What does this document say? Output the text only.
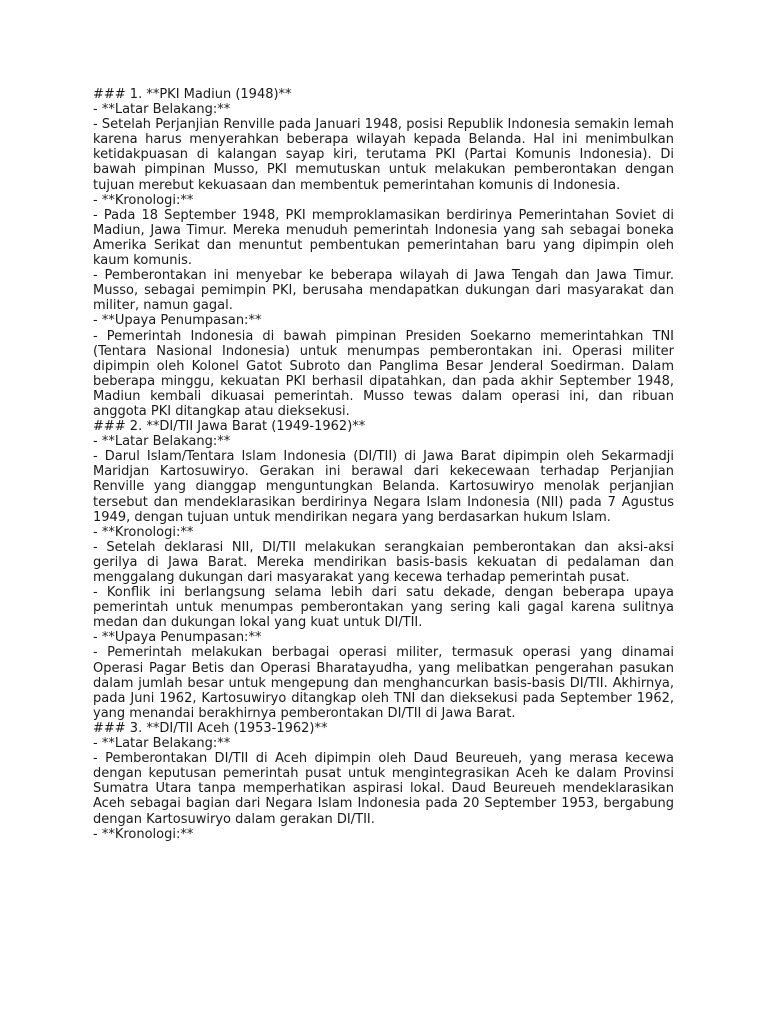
### 1. **PKI Madiun (1948)**
- **Latar Belakang:**
- Setelah Perjanjian Renville pada Januari 1948, posisi Republik Indonesia semakin lemah karena harus menyerahkan beberapa wilayah kepada Belanda. Hal ini menimbulkan ketidakpuasan di kalangan sayap kiri, terutama PKI (Partai Komunis Indonesia). Di bawah pimpinan Musso, PKI memutuskan untuk melakukan pemberontakan dengan tujuan merebut kekuasaan dan membentuk pemerintahan komunis di Indonesia.
- **Kronologi:**
- Pada 18 September 1948, PKI memproklamasikan berdirinya Pemerintahan Soviet di Madiun, Jawa Timur. Mereka menuduh pemerintah Indonesia yang sah sebagai boneka Amerika Serikat dan menuntut pembentukan pemerintahan baru yang dipimpin oleh kaum komunis.
- Pemberontakan ini menyebar ke beberapa wilayah di Jawa Tengah dan Jawa Timur. Musso, sebagai pemimpin PKI, berusaha mendapatkan dukungan dari masyarakat dan militer, namun gagal.
- **Upaya Penumpasan:**
- Pemerintah Indonesia di bawah pimpinan Presiden Soekarno memerintahkan TNI (Tentara Nasional Indonesia) untuk menumpas pemberontakan ini. Operasi militer dipimpin oleh Kolonel Gatot Subroto dan Panglima Besar Jenderal Soedirman. Dalam beberapa minggu, kekuatan PKI berhasil dipatahkan, dan pada akhir September 1948, Madiun kembali dikuasai pemerintah. Musso tewas dalam operasi ini, dan ribuan anggota PKI ditangkap atau dieksekusi.
### 2. **DI/TII Jawa Barat (1949-1962)**
- **Latar Belakang:**
- Darul Islam/Tentara Islam Indonesia (DI/TII) di Jawa Barat dipimpin oleh Sekarmadji Maridjan Kartosuwiryo. Gerakan ini berawal dari kekecewaan terhadap Perjanjian Renville yang dianggap menguntungkan Belanda. Kartosuwiryo menolak perjanjian tersebut dan mendeklarasikan berdirinya Negara Islam Indonesia (NII) pada 7 Agustus 1949, dengan tujuan untuk mendirikan negara yang berdasarkan hukum Islam.
- **Kronologi:**
- Setelah deklarasi NII, DI/TII melakukan serangkaian pemberontakan dan aksi-aksi gerilya di Jawa Barat. Mereka mendirikan basis-basis kekuatan di pedalaman dan menggalang dukungan dari masyarakat yang kecewa terhadap pemerintah pusat.
- Konflik ini berlangsung selama lebih dari satu dekade, dengan beberapa upaya pemerintah untuk menumpas pemberontakan yang sering kali gagal karena sulitnya medan dan dukungan lokal yang kuat untuk DI/TII.
- **Upaya Penumpasan:**
- Pemerintah melakukan berbagai operasi militer, termasuk operasi yang dinamai Operasi Pagar Betis dan Operasi Bharatayudha, yang melibatkan pengerahan pasukan dalam jumlah besar untuk mengepung dan menghancurkan basis-basis DI/TII. Akhirnya, pada Juni 1962, Kartosuwiryo ditangkap oleh TNI dan dieksekusi pada September 1962, yang menandai berakhirnya pemberontakan DI/TII di Jawa Barat.
### 3. **DI/TII Aceh (1953-1962)**
- **Latar Belakang:**
- Pemberontakan DI/TII di Aceh dipimpin oleh Daud Beureueh, yang merasa kecewa dengan keputusan pemerintah pusat untuk mengintegrasikan Aceh ke dalam Provinsi Sumatra Utara tanpa memperhatikan aspirasi lokal. Daud Beureueh mendeklarasikan Aceh sebagai bagian dari Negara Islam Indonesia pada 20 September 1953, bergabung dengan Kartosuwiryo dalam gerakan DI/TII.
- **Kronologi:**
